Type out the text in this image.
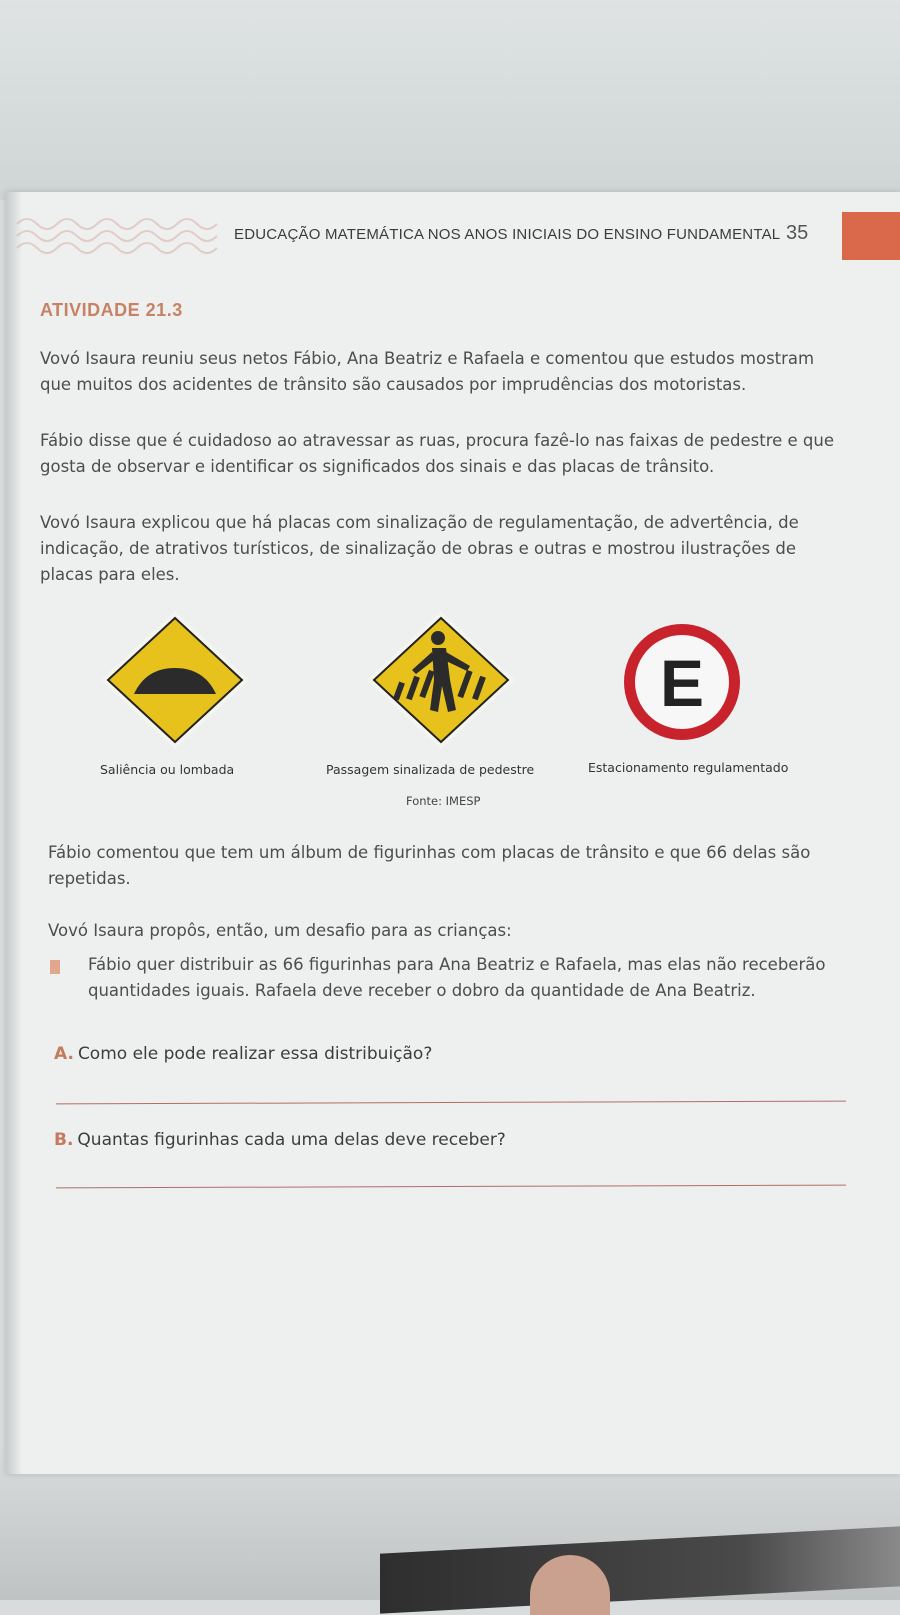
EDUCAÇÃO MATEMÁTICA NOS ANOS INICIAIS DO ENSINO FUNDAMENTAL 35
ATIVIDADE 21.3
Vovó Isaura reuniu seus netos Fábio, Ana Beatriz e Rafaela e comentou que estudos mostram que muitos dos acidentes de trânsito são causados por imprudências dos motoristas.
Fábio disse que é cuidadoso ao atravessar as ruas, procura fazê-lo nas faixas de pedestre e que gosta de observar e identificar os significados dos sinais e das placas de trânsito.
Vovó Isaura explicou que há placas com sinalização de regulamentação, de advertência, de indicação, de atrativos turísticos, de sinalização de obras e outras e mostrou ilustrações de placas para eles.
Saliência ou lombada	Passagem sinalizada de pedestre
E
Estacionamento regulamentado
Fonte: IMESP
Fábio comentou que tem um álbum de figurinhas com placas de trânsito e que 66 delas são repetidas.
Vovó Isaura propôs, então, um desafio para as crianças:
Fábio quer distribuir as 66 figurinhas para Ana Beatriz e Rafaela, mas elas não receberão quantidades iguais. Rafaela deve receber o dobro da quantidade de Ana Beatriz.
A. Como ele pode realizar essa distribuição?
B. Quantas figurinhas cada uma delas deve receber?
